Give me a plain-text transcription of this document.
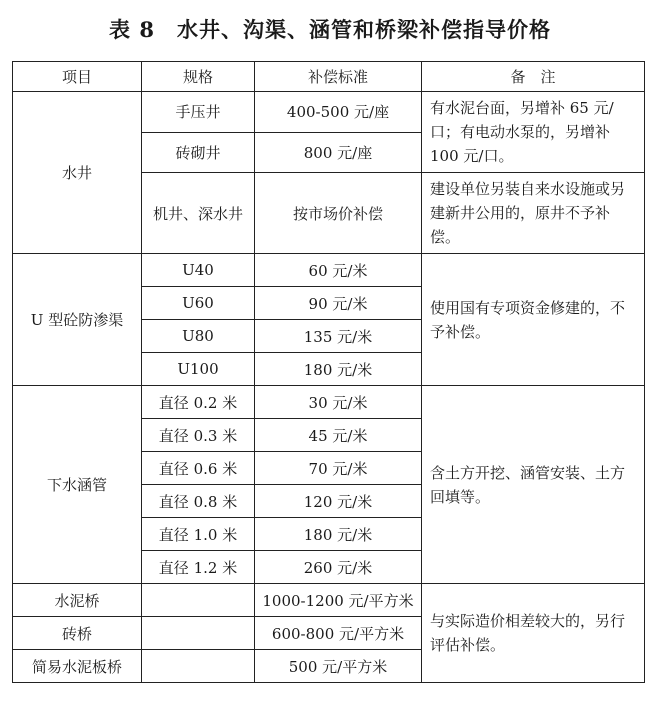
表 8　水井、沟渠、涵管和桥梁补偿指导价格
项目	规格	补偿标准	备　注
水井	手压井	400-500 元/座	有水泥台面，另增补 65 元/口；有电动水泵的，另增补 100 元/口。
	砖砌井	800 元/座	
	机井、深水井	按市场价补偿	建设单位另装自来水设施或另建新井公用的，原井不予补偿。
U 型砼防渗渠	U40	60 元/米	使用国有专项资金修建的，不予补偿。
	U60	90 元/米	
	U80	135 元/米	
	U100	180 元/米	
下水涵管	直径 0.2 米	30 元/米	含土方开挖、涵管安装、土方回填等。
	直径 0.3 米	45 元/米	
	直径 0.6 米	70 元/米	
	直径 0.8 米	120 元/米	
	直径 1.0 米	180 元/米	
	直径 1.2 米	260 元/米	
水泥桥		1000-1200 元/平方米	与实际造价相差较大的，另行评估补偿。
砖桥		600-800 元/平方米	
简易水泥板桥		500 元/平方米	
